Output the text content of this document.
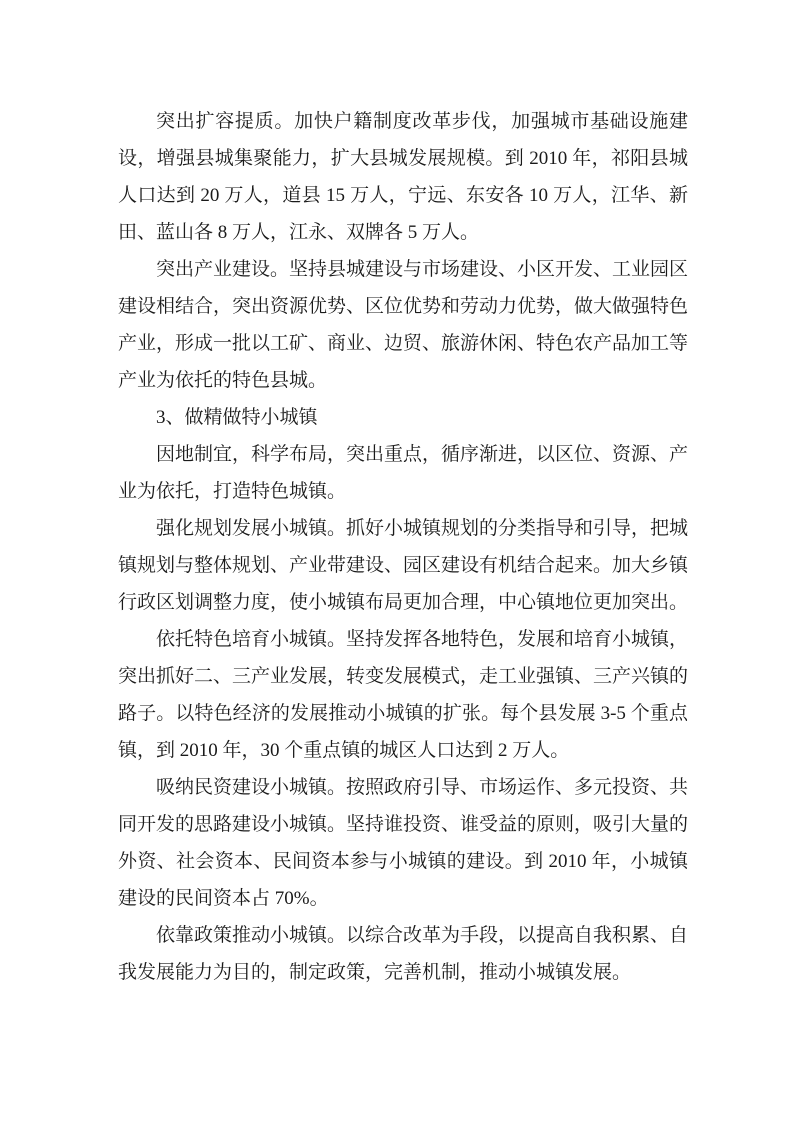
突出扩容提质。加快户籍制度改革步伐，加强城市基础设施建设，增强县城集聚能力，扩大县城发展规模。到 2010 年，祁阳县城人口达到 20 万人，道县 15 万人，宁远、东安各 10 万人，江华、新田、蓝山各 8 万人，江永、双牌各 5 万人。

突出产业建设。坚持县城建设与市场建设、小区开发、工业园区建设相结合，突出资源优势、区位优势和劳动力优势，做大做强特色产业，形成一批以工矿、商业、边贸、旅游休闲、特色农产品加工等产业为依托的特色县城。

3、做精做特小城镇

因地制宜，科学布局，突出重点，循序渐进，以区位、资源、产业为依托，打造特色城镇。

强化规划发展小城镇。抓好小城镇规划的分类指导和引导，把城镇规划与整体规划、产业带建设、园区建设有机结合起来。加大乡镇行政区划调整力度，使小城镇布局更加合理，中心镇地位更加突出。

依托特色培育小城镇。坚持发挥各地特色，发展和培育小城镇，突出抓好二、三产业发展，转变发展模式，走工业强镇、三产兴镇的路子。以特色经济的发展推动小城镇的扩张。每个县发展 3-5 个重点镇，到 2010 年，30 个重点镇的城区人口达到 2 万人。

吸纳民资建设小城镇。按照政府引导、市场运作、多元投资、共同开发的思路建设小城镇。坚持谁投资、谁受益的原则，吸引大量的外资、社会资本、民间资本参与小城镇的建设。到 2010 年，小城镇建设的民间资本占 70%。

依靠政策推动小城镇。以综合改革为手段，以提高自我积累、自我发展能力为目的，制定政策，完善机制，推动小城镇发展。
